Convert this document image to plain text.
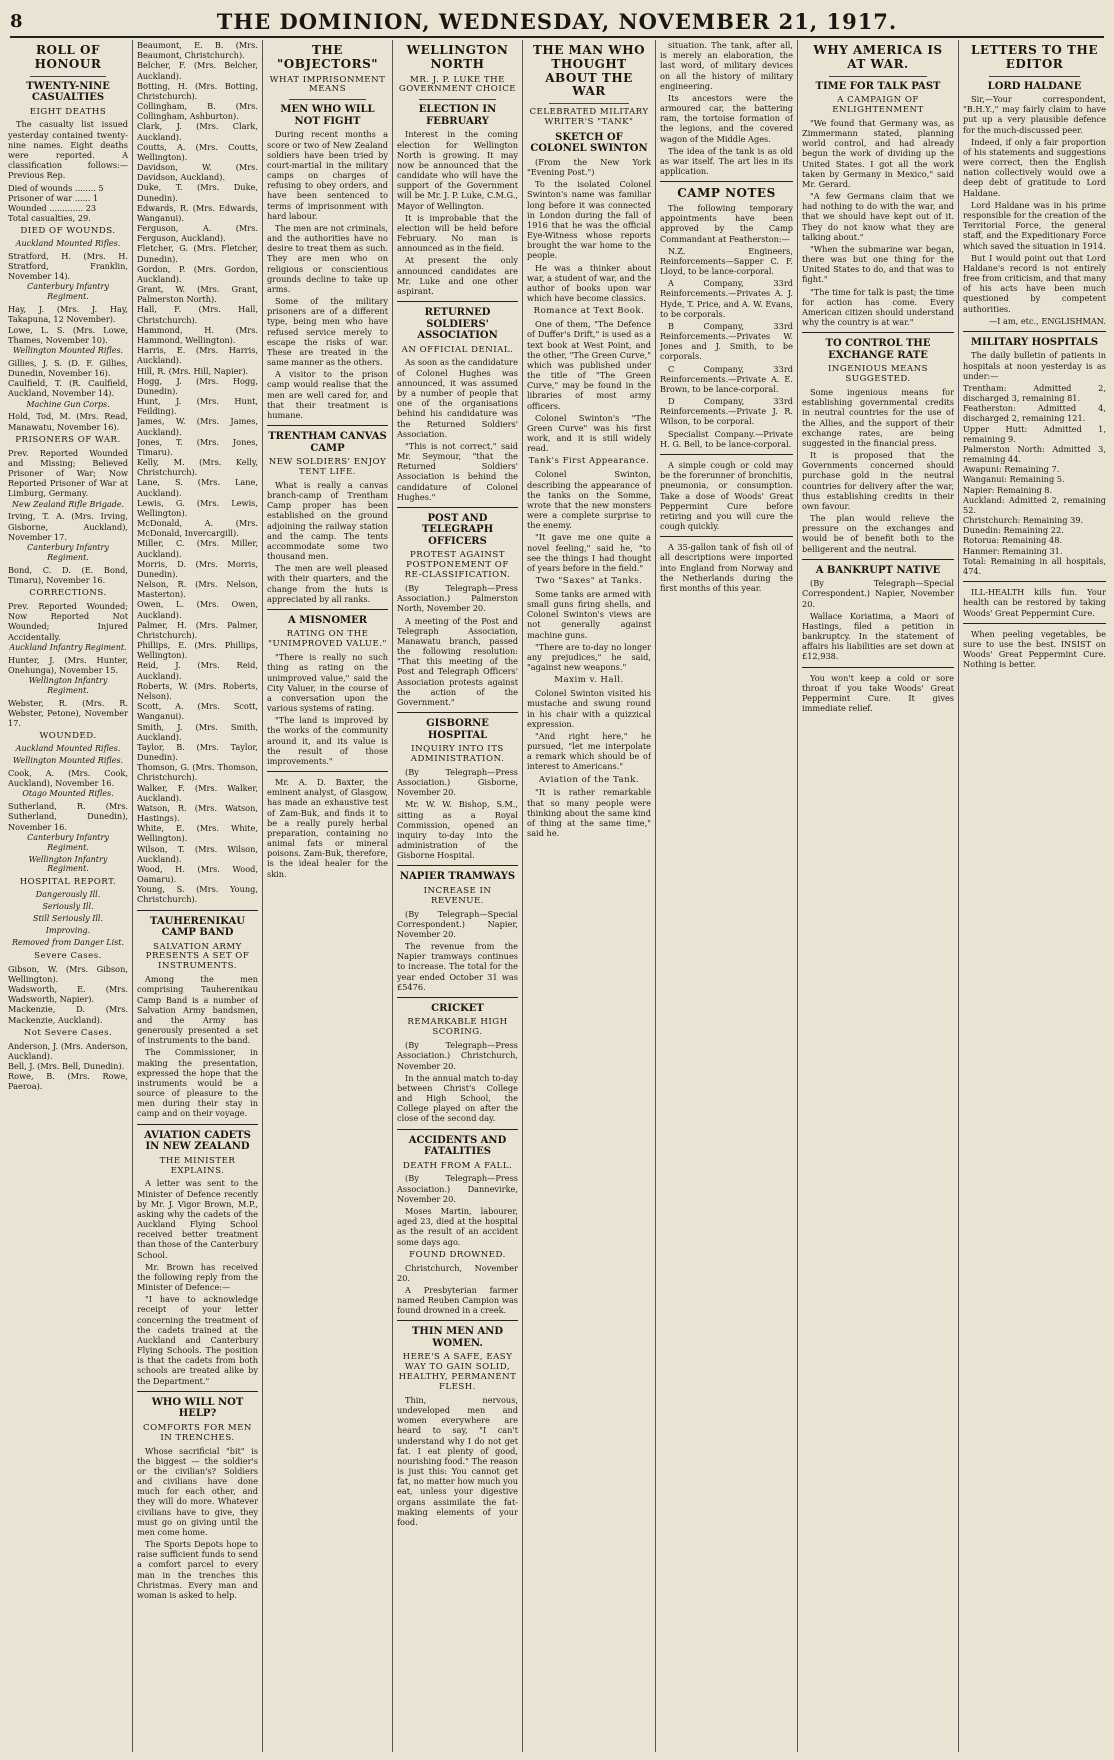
8	THE DOMINION, WEDNESDAY, NOVEMBER 21, 1917.
ROLL OF HONOUR
TWENTY-NINE CASUALTIES
EIGHT DEATHS

The casualty list issued yesterday contained twenty-nine names. Eight deaths were reported. A classification follows:— Previous Rep.

Died of wounds ........ 5
Prisoner of war ...... 1
Wounded ............. 23
Total casualties, 29.
DIED OF WOUNDS.
Auckland Mounted Rifles.
Stratford, H. (Mrs. H. Stratford, Franklin, November 14).
Canterbury Infantry Regiment.
Hay, J. (Mrs. J. Hay, Takapuna, 12 November).
Lowe, L. S. (Mrs. Lowe, Thames, November 10).
Wellington Mounted Rifles.
Gillies, J. S. (D. F. Gillies, Dunedin, November 16).
Caulfield, T. (R. Caulfield, Auckland, November 14).
Machine Gun Corps.
Hold, Tod, M. (Mrs. Read, Manawatu, November 16).
PRISONERS OF WAR.
Prev. Reported Wounded and Missing; Believed Prisoner of War; Now Reported Prisoner of War at Limburg, Germany.
New Zealand Rifle Brigade.
Irving, T. A. (Mrs. Irving, Gisborne, Auckland), November 17.
Canterbury Infantry Regiment.
Bond, C. D. (E. Bond, Timaru), November 16.
CORRECTIONS.
Prev. Reported Wounded; Now Reported Not Wounded; Injured Accidentally.
Auckland Infantry Regiment.
Hunter, J. (Mrs. Hunter, Onehunga), November 15.
Wellington Infantry Regiment.
Webster, R. (Mrs. R. Webster, Petone), November 17.
WOUNDED.
Auckland Mounted Rifles.
Wellington Mounted Rifles.
Cook, A. (Mrs. Cook, Auckland), November 16.
Otago Mounted Rifles.
Sutherland, R. (Mrs. Sutherland, Dunedin), November 16.
Canterbury Infantry Regiment.
Wellington Infantry Regiment.
HOSPITAL REPORT.
Dangerously Ill.
Seriously Ill.
Still Seriously Ill.
Improving.
Removed from Danger List.
Severe Cases.
Gibson, W. (Mrs. Gibson, Wellington).
Wadsworth, E. (Mrs. Wadsworth, Napier).
Mackenzie, D. (Mrs. Mackenzie, Auckland).
Not Severe Cases.
Anderson, J. (Mrs. Anderson, Auckland).
Bell, J. (Mrs. Bell, Dunedin).
Rowe, B. (Mrs. Rowe, Paeroa).
Beaumont, E. B. (Mrs. Beaumont, Christchurch).
Belcher, F. (Mrs. Belcher, Auckland).
Botting, H. (Mrs. Botting, Christchurch).
Collingham, B. (Mrs. Collingham, Ashburton).
Clark, J. (Mrs. Clark, Auckland).
Coutts, A. (Mrs. Coutts, Wellington).
Davidson, W. (Mrs. Davidson, Auckland).
Duke, T. (Mrs. Duke, Dunedin).
Edwards, R. (Mrs. Edwards, Wanganui).
Ferguson, A. (Mrs. Ferguson, Auckland).
Fletcher, G. (Mrs. Fletcher, Dunedin).
Gordon, P. (Mrs. Gordon, Auckland).
Grant, W. (Mrs. Grant, Palmerston North).
Hall, F. (Mrs. Hall, Christchurch).
Hammond, H. (Mrs. Hammond, Wellington).
Harris, E. (Mrs. Harris, Auckland).
Hill, R. (Mrs. Hill, Napier).
Hogg, J. (Mrs. Hogg, Dunedin).
Hunt, J. (Mrs. Hunt, Feilding).
James, W. (Mrs. James, Auckland).
Jones, T. (Mrs. Jones, Timaru).
Kelly, M. (Mrs. Kelly, Christchurch).
Lane, S. (Mrs. Lane, Auckland).
Lewis, G. (Mrs. Lewis, Wellington).
McDonald, A. (Mrs. McDonald, Invercargill).
Miller, C. (Mrs. Miller, Auckland).
Morris, D. (Mrs. Morris, Dunedin).
Nelson, R. (Mrs. Nelson, Masterton).
Owen, L. (Mrs. Owen, Auckland).
Palmer, H. (Mrs. Palmer, Christchurch).
Phillips, E. (Mrs. Phillips, Wellington).
Reid, J. (Mrs. Reid, Auckland).
Roberts, W. (Mrs. Roberts, Nelson).
Scott, A. (Mrs. Scott, Wanganui).
Smith, J. (Mrs. Smith, Auckland).
Taylor, B. (Mrs. Taylor, Dunedin).
Thomson, G. (Mrs. Thomson, Christchurch).
Walker, F. (Mrs. Walker, Auckland).
Watson, R. (Mrs. Watson, Hastings).
White, E. (Mrs. White, Wellington).
Wilson, T. (Mrs. Wilson, Auckland).
Wood, H. (Mrs. Wood, Oamaru).
Young, S. (Mrs. Young, Christchurch).
TAUHERENIKAU CAMP BAND
SALVATION ARMY PRESENTS A SET OF INSTRUMENTS.

Among the men comprising Tauherenikau Camp Band is a number of Salvation Army bandsmen, and the Army has generously presented a set of instruments to the band.

The Commissioner, in making the presentation, expressed the hope that the instruments would be a source of pleasure to the men during their stay in camp and on their voyage.

AVIATION CADETS IN NEW ZEALAND
THE MINISTER EXPLAINS.

A letter was sent to the Minister of Defence recently by Mr. J. Vigor Brown, M.P., asking why the cadets of the Auckland Flying School received better treatment than those of the Canterbury School.

Mr. Brown has received the following reply from the Minister of Defence:—

"I have to acknowledge receipt of your letter concerning the treatment of the cadets trained at the Auckland and Canterbury Flying Schools. The position is that the cadets from both schools are treated alike by the Department."

WHO WILL NOT HELP?
COMFORTS FOR MEN IN TRENCHES.

Whose sacrificial "bit" is the biggest — the soldier's or the civilian's? Soldiers and civilians have done much for each other, and they will do more. Whatever civilians have to give, they must go on giving until the men come home.

The Sports Depots hope to raise sufficient funds to send a comfort parcel to every man in the trenches this Christmas. Every man and woman is asked to help.

THE "OBJECTORS"
WHAT IMPRISONMENT MEANS
MEN WHO WILL NOT FIGHT

During recent months a score or two of New Zealand soldiers have been tried by court-martial in the military camps on charges of refusing to obey orders, and have been sentenced to terms of imprisonment with hard labour.

The men are not criminals, and the authorities have no desire to treat them as such. They are men who on religious or conscientious grounds decline to take up arms.

Some of the military prisoners are of a different type, being men who have refused service merely to escape the risks of war. These are treated in the same manner as the others.

A visitor to the prison camp would realise that the men are well cared for, and that their treatment is humane.

TRENTHAM CANVAS CAMP
NEW SOLDIERS' ENJOY TENT LIFE.

What is really a canvas branch-camp of Trentham Camp proper has been established on the ground adjoining the railway station and the camp. The tents accommodate some two thousand men.

The men are well pleased with their quarters, and the change from the huts is appreciated by all ranks.

A MISNOMER
RATING ON THE "UNIMPROVED VALUE."

"There is really no such thing as rating on the unimproved value," said the City Valuer, in the course of a conversation upon the various systems of rating.

"The land is improved by the works of the community around it, and its value is the result of those improvements."

Mr. A. D. Baxter, the eminent analyst, of Glasgow, has made an exhaustive test of Zam-Buk, and finds it to be a really purely herbal preparation, containing no animal fats or mineral poisons. Zam-Buk, therefore, is the ideal healer for the skin.

WELLINGTON NORTH
MR. J. P. LUKE THE GOVERNMENT CHOICE
ELECTION IN FEBRUARY

Interest in the coming election for Wellington North is growing. It may now be announced that the candidate who will have the support of the Government will be Mr. J. P. Luke, C.M.G., Mayor of Wellington.

It is improbable that the election will be held before February. No man is announced as in the field.

At present the only announced candidates are Mr. Luke and one other aspirant.

RETURNED SOLDIERS' ASSOCIATION
AN OFFICIAL DENIAL.

As soon as the candidature of Colonel Hughes was announced, it was assumed by a number of people that one of the organisations behind his candidature was the Returned Soldiers' Association.

"This is not correct," said Mr. Seymour, "that the Returned Soldiers' Association is behind the candidature of Colonel Hughes."

POST AND TELEGRAPH OFFICERS
PROTEST AGAINST POSTPONEMENT OF RE-CLASSIFICATION.

(By Telegraph—Press Association.) Palmerston North, November 20.

A meeting of the Post and Telegraph Association, Manawatu branch, passed the following resolution: "That this meeting of the Post and Telegraph Officers' Association protests against the action of the Government."

GISBORNE HOSPITAL
INQUIRY INTO ITS ADMINISTRATION.

(By Telegraph—Press Association.) Gisborne, November 20.

Mr. W. W. Bishop, S.M., sitting as a Royal Commission, opened an inquiry to-day into the administration of the Gisborne Hospital.

NAPIER TRAMWAYS
INCREASE IN REVENUE.

(By Telegraph—Special Correspondent.) Napier, November 20.

The revenue from the Napier tramways continues to increase. The total for the year ended October 31 was £5476.

CRICKET
REMARKABLE HIGH SCORING.

(By Telegraph—Press Association.) Christchurch, November 20.

In the annual match to-day between Christ's College and High School, the College played on after the close of the second day.

ACCIDENTS AND FATALITIES
DEATH FROM A FALL.

(By Telegraph—Press Association.) Dannevirke, November 20.

Moses Martin, labourer, aged 23, died at the hospital as the result of an accident some days ago.

FOUND DROWNED.

Christchurch, November 20.

A Presbyterian farmer named Reuben Campion was found drowned in a creek.

THIN MEN AND WOMEN.
HERE'S A SAFE, EASY WAY TO GAIN SOLID, HEALTHY, PERMANENT FLESH.

Thin, nervous, undeveloped men and women everywhere are heard to say, "I can't understand why I do not get fat. I eat plenty of good, nourishing food." The reason is just this: You cannot get fat, no matter how much you eat, unless your digestive organs assimilate the fat-making elements of your food.

THE MAN WHO THOUGHT ABOUT THE WAR
CELEBRATED MILITARY WRITER'S "TANK"
SKETCH OF COLONEL SWINTON

(From the New York "Evening Post.")

To the isolated Colonel Swinton's name was familiar long before it was connected in London during the fall of 1916 that he was the official Eye-Witness whose reports brought the war home to the people.

He was a thinker about war, a student of war, and the author of books upon war which have become classics.

Romance at Text Book.

One of them, "The Defence of Duffer's Drift," is used as a text book at West Point, and the other, "The Green Curve," which was published under the title of "The Green Curve," may be found in the libraries of most army officers.

Colonel Swinton's "The Green Curve" was his first work, and it is still widely read.

Tank's First Appearance.

Colonel Swinton, describing the appearance of the tanks on the Somme, wrote that the new monsters were a complete surprise to the enemy.

"It gave me one quite a novel feeling," said he, "to see the things I had thought of years before in the field."

Two "Saxes" at Tanks.

Some tanks are armed with small guns firing shells, and Colonel Swinton's views are not generally against machine guns.

"There are to-day no longer any prejudices," he said, "against new weapons."

Maxim v. Hall.

Colonel Swinton visited his mustache and swung round in his chair with a quizzical expression.

"And right here," he pursued, "let me interpolate a remark which should be of interest to Americans."

Aviation of the Tank.

"It is rather remarkable that so many people were thinking about the same kind of thing at the same time," said he.

situation. The tank, after all, is merely an elaboration, the last word, of military devices on all the history of military engineering.

Its ancestors were the armoured car, the battering ram, the tortoise formation of the legions, and the covered wagon of the Middle Ages.

The idea of the tank is as old as war itself. The art lies in its application.

CAMP NOTES

The following temporary appointments have been approved by the Camp Commandant at Featherston:—

N.Z. Engineers, Reinforcements—Sapper C. F. Lloyd, to be lance-corporal.

A Company, 33rd Reinforcements.—Privates A. J. Hyde, T. Price, and A. W. Evans, to be corporals.

B Company, 33rd Reinforcements.—Privates W. Jones and J. Smith, to be corporals.

C Company, 33rd Reinforcements.—Private A. E. Brown, to be lance-corporal.

D Company, 33rd Reinforcements.—Private J. R. Wilson, to be corporal.

Specialist Company.—Private H. G. Bell, to be lance-corporal.

A simple cough or cold may be the forerunner of bronchitis, pneumonia, or consumption. Take a dose of Woods' Great Peppermint Cure before retiring and you will cure the cough quickly.

A 35-gallon tank of fish oil of all descriptions were imported into England from Norway and the Netherlands during the first months of this year.

WHY AMERICA IS AT WAR.
TIME FOR TALK PAST
A CAMPAIGN OF ENLIGHTENMENT

"We found that Germany was, as Zimmermann stated, planning world control, and had already begun the work of dividing up the United States. I got all the work taken by Germany in Mexico," said Mr. Gerard.

"A few Germans claim that we had nothing to do with the war, and that we should have kept out of it. They do not know what they are talking about."

"When the submarine war began, there was but one thing for the United States to do, and that was to fight."

"The time for talk is past; the time for action has come. Every American citizen should understand why the country is at war."

TO CONTROL THE EXCHANGE RATE
INGENIOUS MEANS SUGGESTED.

Some ingenious means for establishing governmental credits in neutral countries for the use of the Allies, and the support of their exchange rates, are being suggested in the financial press.

It is proposed that the Governments concerned should purchase gold in the neutral countries for delivery after the war, thus establishing credits in their own favour.

The plan would relieve the pressure on the exchanges and would be of benefit both to the belligerent and the neutral.

A BANKRUPT NATIVE

(By Telegraph—Special Correspondent.) Napier, November 20.

Wallace Koriatima, a Maori of Hastings, filed a petition in bankruptcy. In the statement of affairs his liabilities are set down at £12,938.

You won't keep a cold or sore throat if you take Woods' Great Peppermint Cure. It gives immediate relief.

LETTERS TO THE EDITOR
LORD HALDANE

Sir,—Your correspondent, "B.H.Y.," may fairly claim to have put up a very plausible defence for the much-discussed peer.

Indeed, if only a fair proportion of his statements and suggestions were correct, then the English nation collectively would owe a deep debt of gratitude to Lord Haldane.

Lord Haldane was in his prime responsible for the creation of the Territorial Force, the general staff, and the Expeditionary Force which saved the situation in 1914.

But I would point out that Lord Haldane's record is not entirely free from criticism, and that many of his acts have been much questioned by competent authorities.

—I am, etc., ENGLISHMAN.

MILITARY HOSPITALS

The daily bulletin of patients in hospitals at noon yesterday is as under:—

Trentham: Admitted 2, discharged 3, remaining 81.
Featherston: Admitted 4, discharged 2, remaining 121.
Upper Hutt: Admitted 1, remaining 9.
Palmerston North: Admitted 3, remaining 44.
Awapuni: Remaining 7.
Wanganui: Remaining 5.
Napier: Remaining 8.
Auckland: Admitted 2, remaining 52.
Christchurch: Remaining 39.
Dunedin: Remaining 22.
Rotorua: Remaining 48.
Hanmer: Remaining 31.
Total: Remaining in all hospitals, 474.

ILL-HEALTH kills fun. Your health can be restored by taking Woods' Great Peppermint Cure.

When peeling vegetables, be sure to use the best. INSIST on Woods' Great Peppermint Cure. Nothing is better.
